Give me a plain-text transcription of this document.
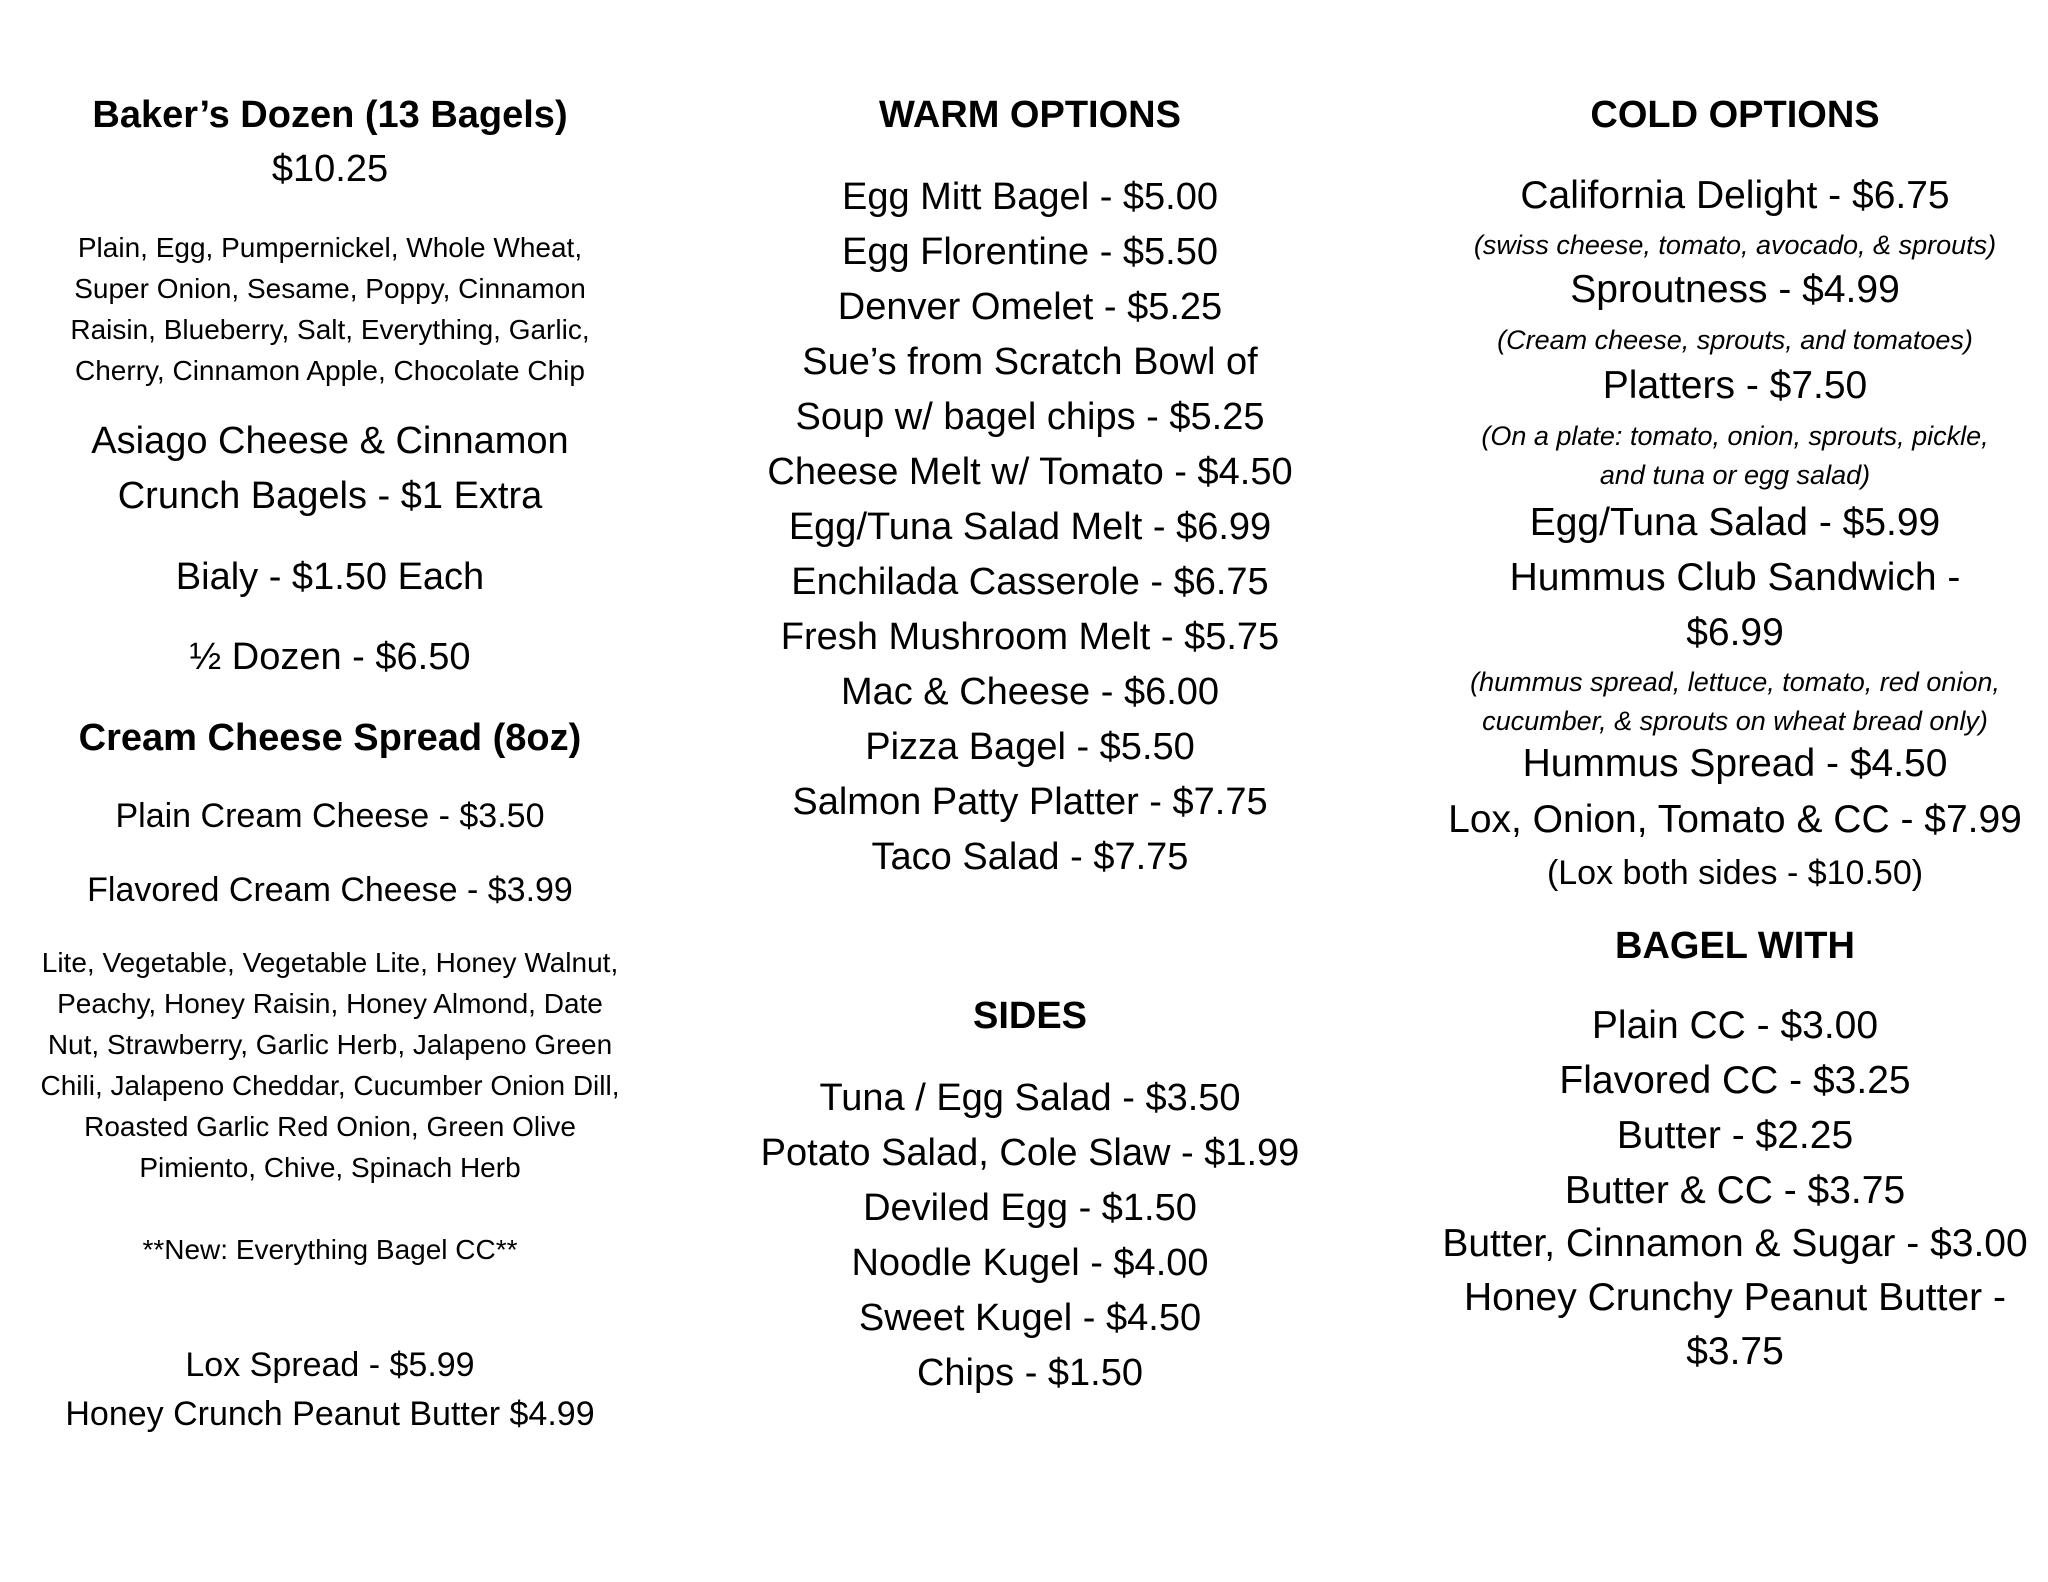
Baker’s Dozen (13 Bagels)
$10.25
Plain, Egg, Pumpernickel, Whole Wheat, Super Onion, Sesame, Poppy, Cinnamon Raisin, Blueberry, Salt, Everything, Garlic, Cherry, Cinnamon Apple, Chocolate Chip
Asiago Cheese & Cinnamon
Crunch Bagels - $1 Extra
Bialy - $1.50 Each
½ Dozen - $6.50
Cream Cheese Spread (8oz)
Plain Cream Cheese - $3.50
Flavored Cream Cheese - $3.99
Lite, Vegetable, Vegetable Lite, Honey Walnut, Peachy, Honey Raisin, Honey Almond, Date Nut, Strawberry, Garlic Herb, Jalapeno Green Chili, Jalapeno Cheddar, Cucumber Onion Dill, Roasted Garlic Red Onion, Green Olive Pimiento, Chive, Spinach Herb
**New: Everything Bagel CC**
Lox Spread - $5.99
Honey Crunch Peanut Butter $4.99
WARM OPTIONS
Egg Mitt Bagel - $5.00
Egg Florentine - $5.50
Denver Omelet - $5.25
Sue’s from Scratch Bowl of
Soup w/ bagel chips - $5.25
Cheese Melt w/ Tomato - $4.50
Egg/Tuna Salad Melt - $6.99
Enchilada Casserole - $6.75
Fresh Mushroom Melt - $5.75
Mac & Cheese - $6.00
Pizza Bagel - $5.50
Salmon Patty Platter - $7.75
Taco Salad - $7.75
SIDES
Tuna / Egg Salad - $3.50
Potato Salad, Cole Slaw - $1.99
Deviled Egg - $1.50
Noodle Kugel - $4.00
Sweet Kugel - $4.50
Chips - $1.50
COLD OPTIONS
California Delight - $6.75
(swiss cheese, tomato, avocado, & sprouts)
Sproutness - $4.99
(Cream cheese, sprouts, and tomatoes)
Platters - $7.50
(On a plate: tomato, onion, sprouts, pickle,
and tuna or egg salad)
Egg/Tuna Salad - $5.99
Hummus Club Sandwich -
$6.99
(hummus spread, lettuce, tomato, red onion,
cucumber, & sprouts on wheat bread only)
Hummus Spread - $4.50
Lox, Onion, Tomato & CC - $7.99
(Lox both sides - $10.50)
BAGEL WITH
Plain CC - $3.00
Flavored CC - $3.25
Butter - $2.25
Butter & CC - $3.75
Butter, Cinnamon & Sugar - $3.00
Honey Crunchy Peanut Butter -
$3.75
